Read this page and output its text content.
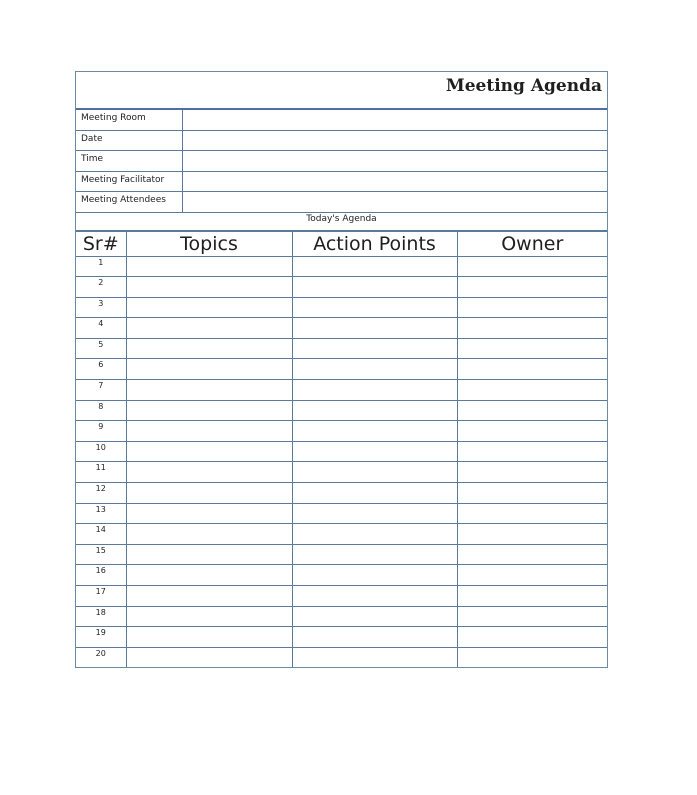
Meeting Agenda
Meeting Room
Date
Time
Meeting Facilitator
Meeting Attendees
Today's Agenda
Sr#	Topics	Action Points	Owner
1			
2			
3			
4			
5			
6			
7			
8			
9			
10			
11			
12			
13			
14			
15			
16			
17			
18			
19			
20			
